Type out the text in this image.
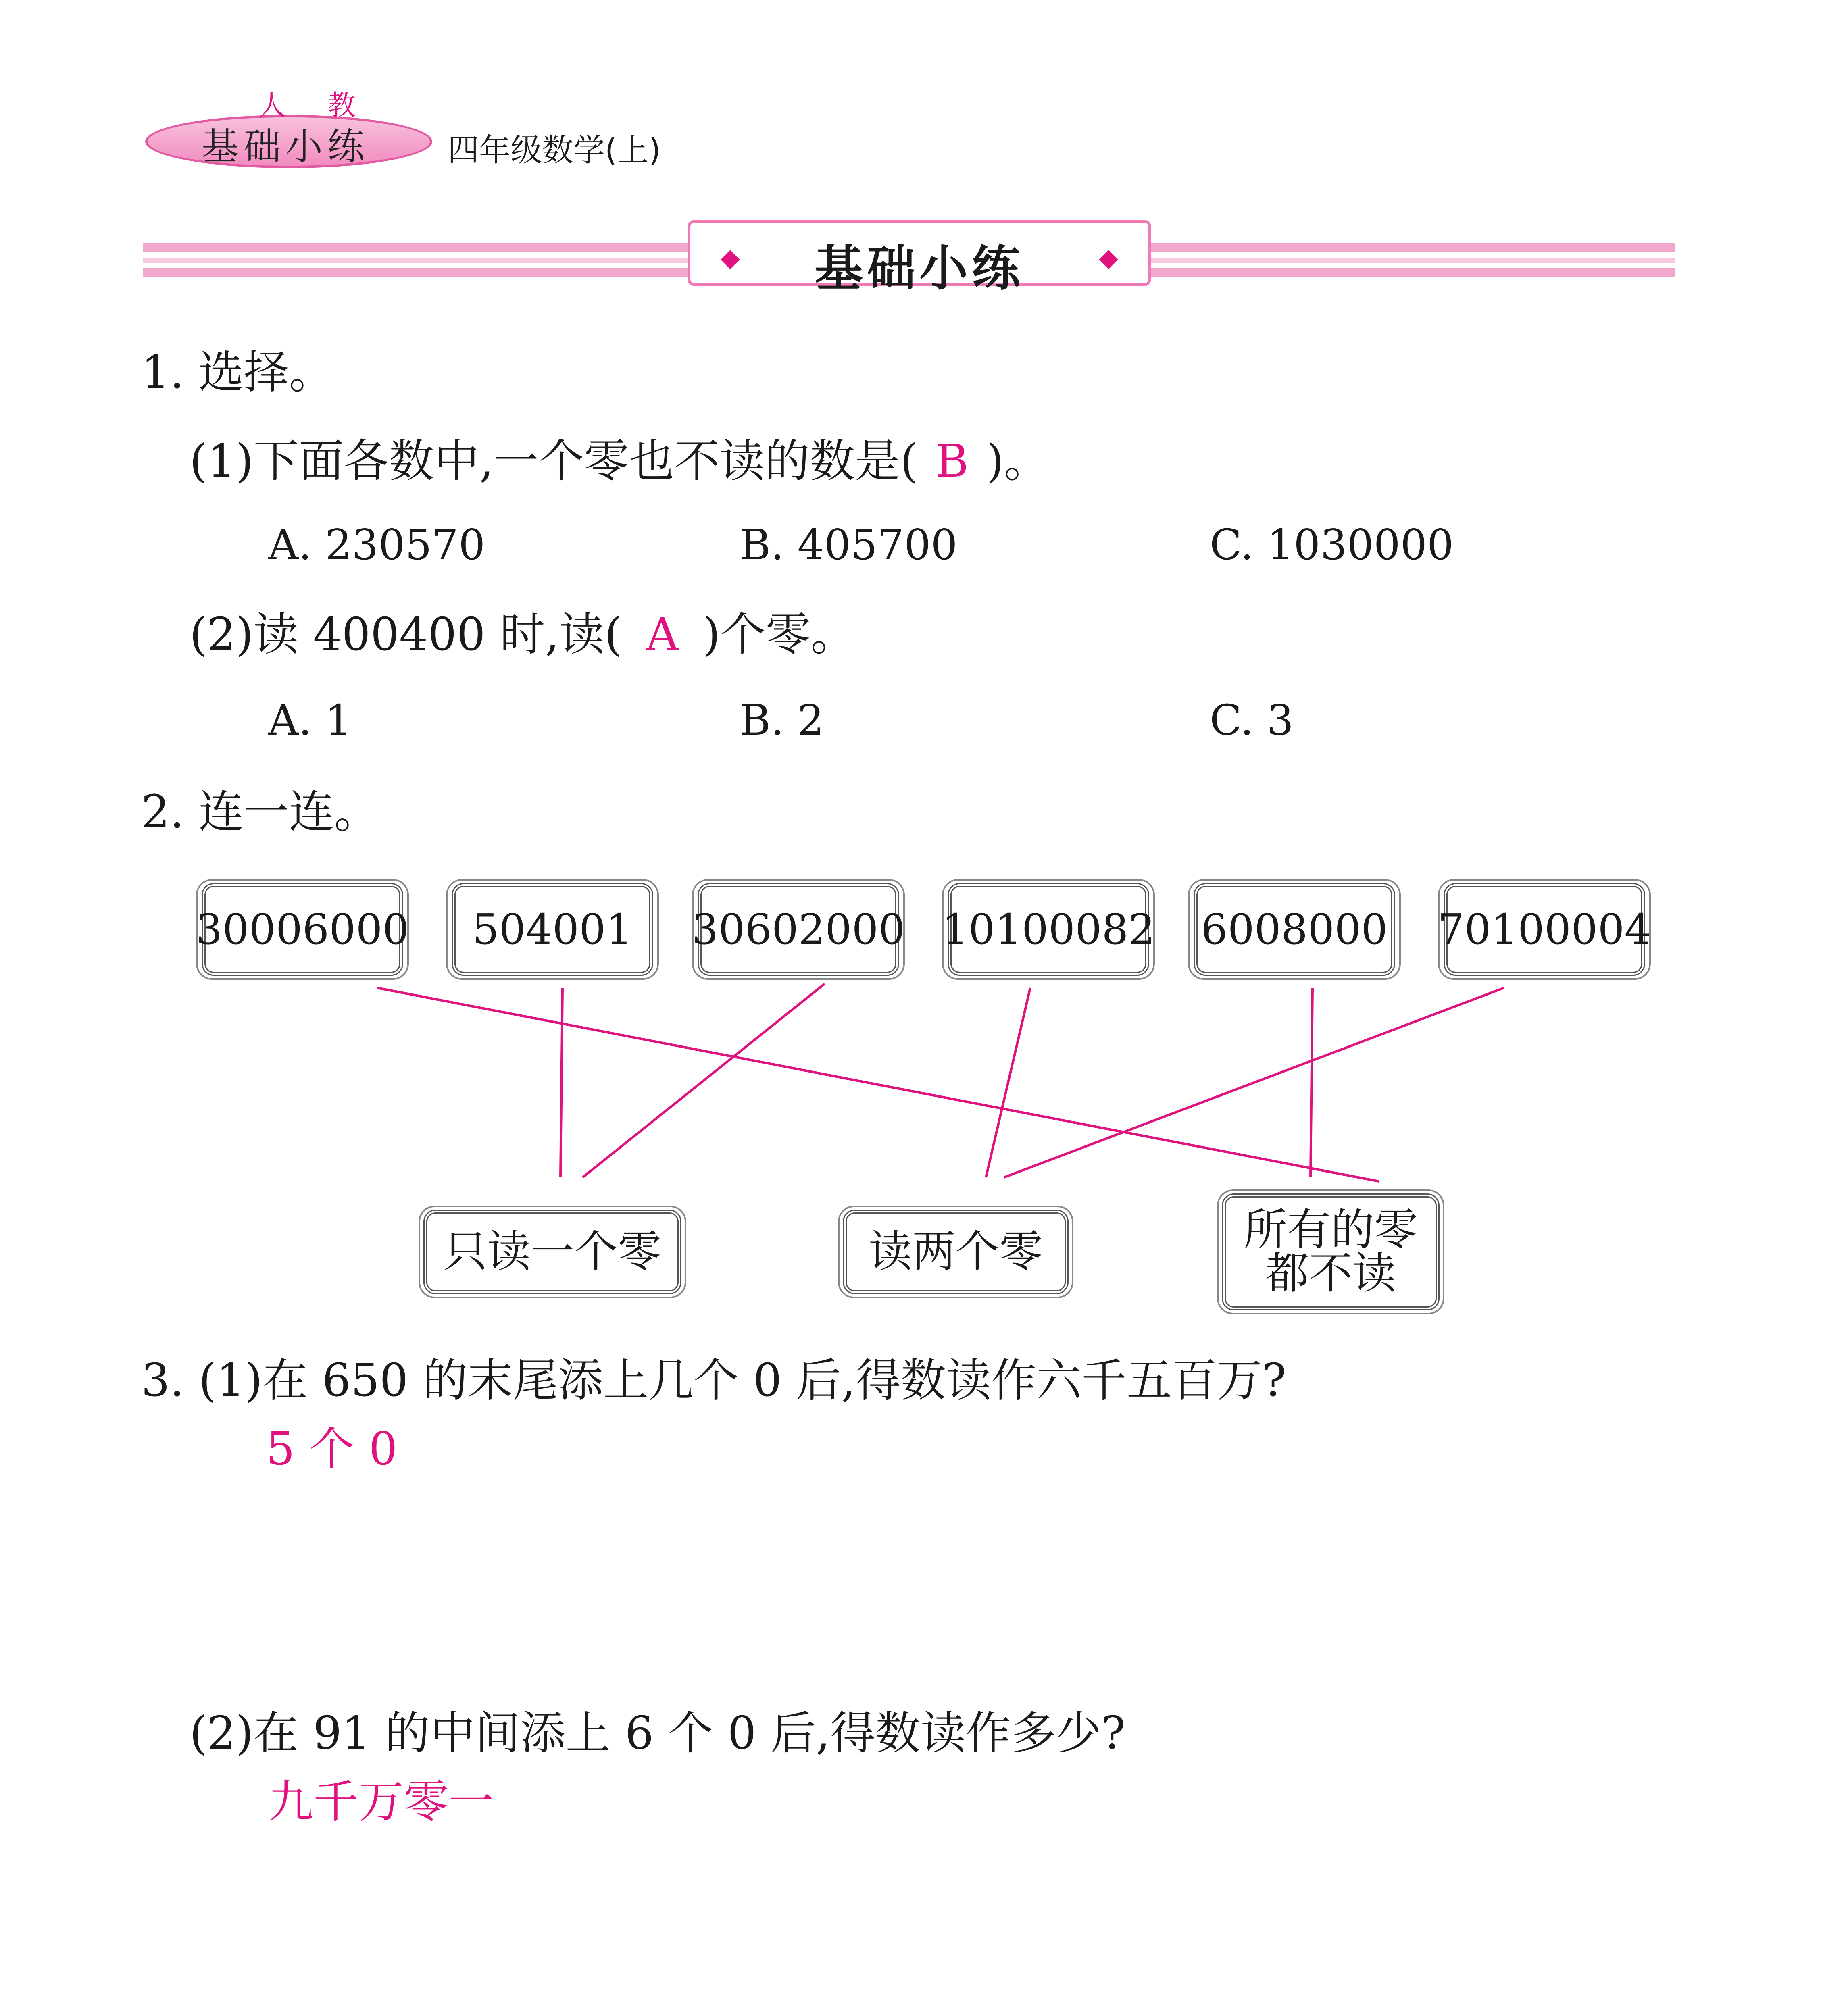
人 教
基础小练 四年级数学(上)
◆	基础小练	◆
1. 选择。
(1)下面各数中,一个零也不读的数是( B )。
A. 230570	B. 405700	C. 1030000
(2)读 400400 时,读( A )个零。
A. 1	B. 2	C. 3
2. 连一连。
30006000	504001	30602000 10100082 6008000 70100004
只读一个零	读两个零	所有的零
都不读
3. (1)在 650 的末尾添上几个 0 后,得数读作六千五百万?
5 个 0
(2)在 91 的中间添上 6 个 0 后,得数读作多少?
九千万零一
